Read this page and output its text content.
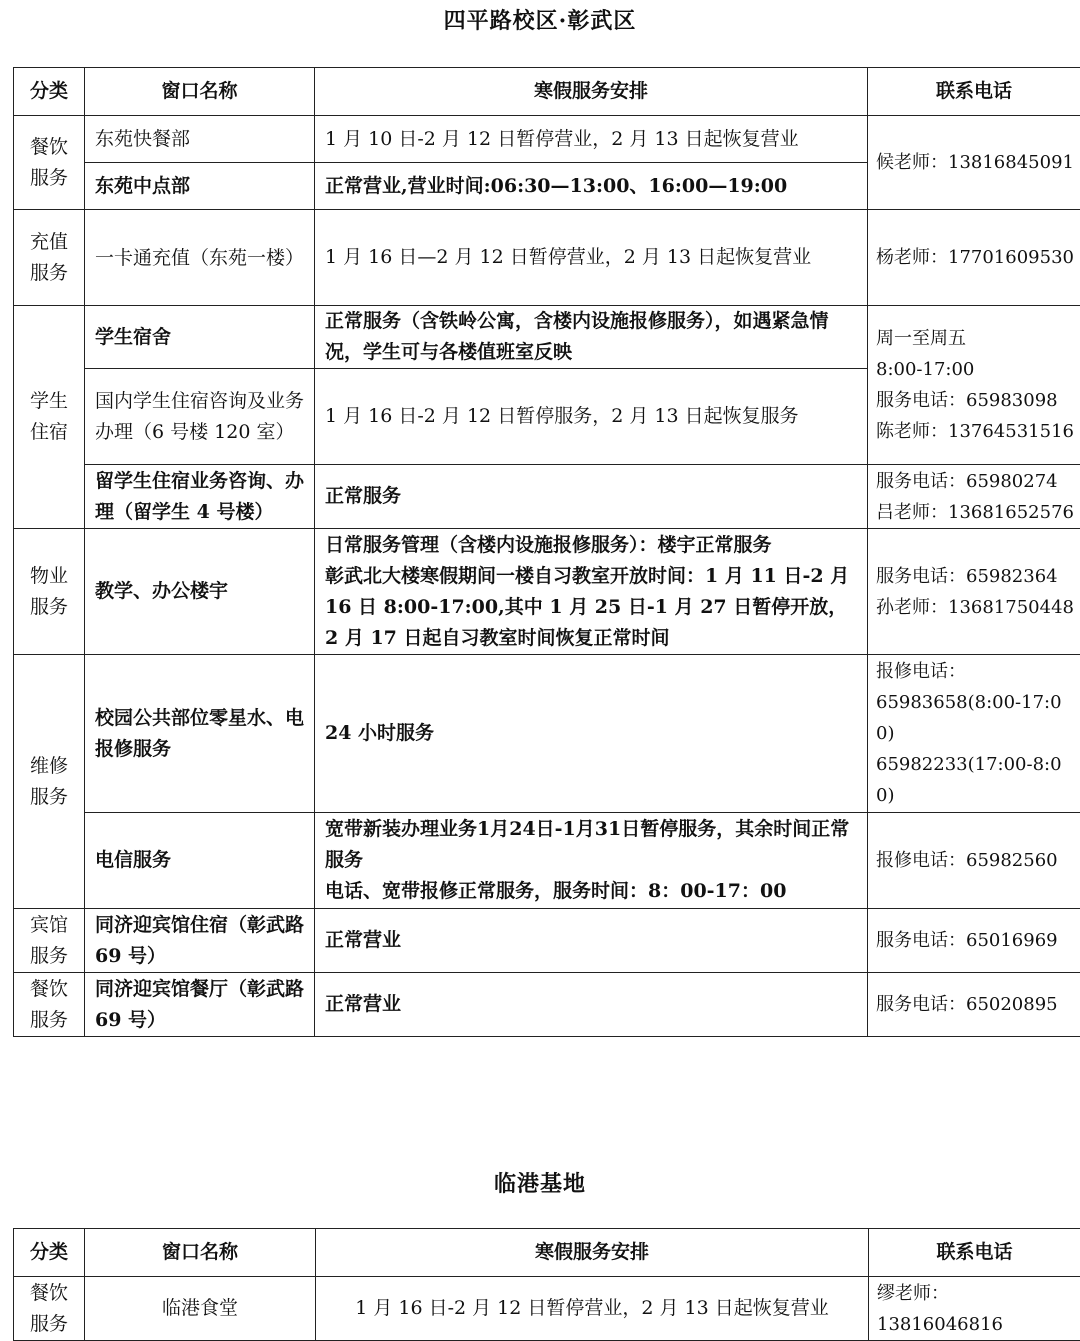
四平路校区·彰武区
分类	窗口名称	寒假服务安排	联系电话

餐饮
服务	东苑快餐部	1 月 10 日-2 月 12 日暂停营业，2 月 13 日起恢复营业	候老师：13816845091
	东苑中点部	正常营业,营业时间:06:30—13:00、16:00—19:00	

充值
服务	一卡通充值（东苑一楼）	1 月 16 日—2 月 12 日暂停营业，2 月 13 日起恢复营业	杨老师：17701609530

学生
住宿	学生宿舍	正常服务（含铁岭公寓，含楼内设施报修服务），如遇紧急情况，学生可与各楼值班室反映	周一至周五
8:00-17:00
服务电话：65983098
陈老师：13764531516

	国内学生住宿咨询及业务办理（6 号楼 120 室）	1 月 16 日-2 月 12 日暂停服务，2 月 13 日起恢复服务	
	留学生住宿业务咨询、办理（留学生 4 号楼）	正常服务	服务电话：65980274
吕老师：13681652576

物业
服务	教学、办公楼宇	日常服务管理（含楼内设施报修服务）：楼宇正常服务
彰武北大楼寒假期间一楼自习教室开放时间：1 月 11 日-2 月 16 日 8:00-17:00,其中 1 月 25 日-1 月 27 日暂停开放，2 月 17 日起自习教室时间恢复正常时间	服务电话：65982364
孙老师：13681750448

维修
服务	校园公共部位零星水、电报修服务	24 小时服务	报修电话：
65983658(8:00-17:0
0)
65982233(17:00-8:0
0)

	电信服务	宽带新装办理业务1月24日-1月31日暂停服务，其余时间正常服务
电话、宽带报修正常服务，服务时间：8：00-17：00	报修电话：65982560

宾馆
服务	同济迎宾馆住宿（彰武路 69 号）	正常营业	服务电话：65016969

餐饮
服务	同济迎宾馆餐厅（彰武路 69 号）	正常营业	服务电话：65020895
临港基地
分类	窗口名称	寒假服务安排	联系电话

餐饮
服务	临港食堂	1 月 16 日-2 月 12 日暂停营业，2 月 13 日起恢复营业	缪老师：
13816046816
